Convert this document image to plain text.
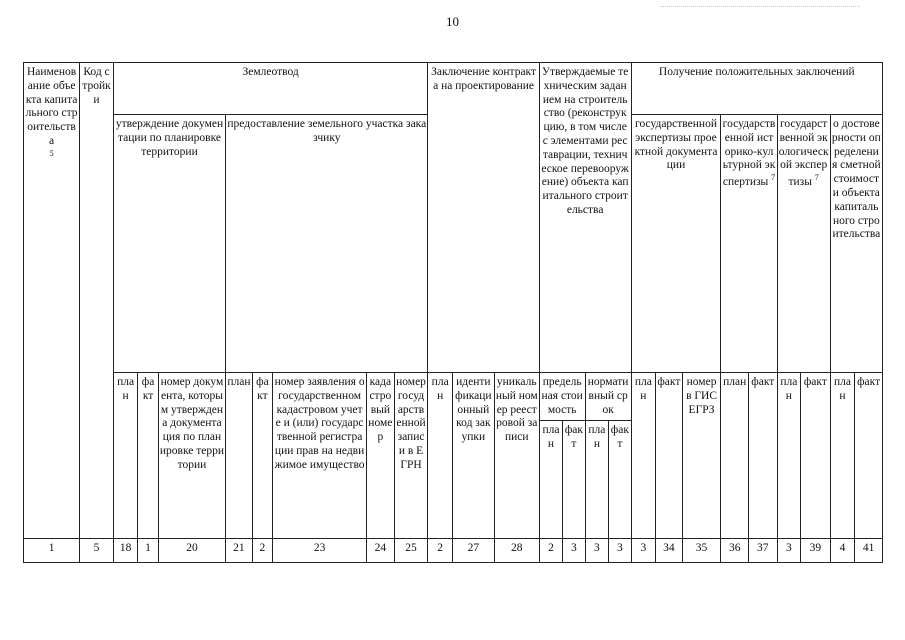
10
Наименование объекта капитального строительства
$^5$	Код стройки	Землеотвод								Заключение контракта на проектирование			Утверждаемые техническим заданием на строительство (реконструкцию, в том числе с элементами реставрации, техническое перевооружение) объекта капитального строительства				Получение положительных заключений								
		утверждение документации по планировке территории			предоставление земельного участка заказчику												государственной экспертизы проектной документации			государственной историко-культурной экспертизы $^7$		государственной экологической экспертизы $^7$		о достоверности определения сметной стоимости объекта капитального строительства	
		план	факт	номер документа, которым утверждена документация по планировке территории	план	факт	номер заявления о государственном кадастровом учете и (или) государственной регистрации прав на недвижимое имущество	кадастровый номер	номер государственной записи в ЕГРН	план	идентификационный код закупки	уникальный номер реестровой записи	предельная стоимость		нормативный срок		план	факт	номер в ГИС ЕГРЗ	план	факт	план	факт	план	факт
													план	факт	план	факт									
1	5	18	1	20	21	2	23	24	25	2	27	28	2	3	3	3	3	34	35	36	37	3	39	4	41
